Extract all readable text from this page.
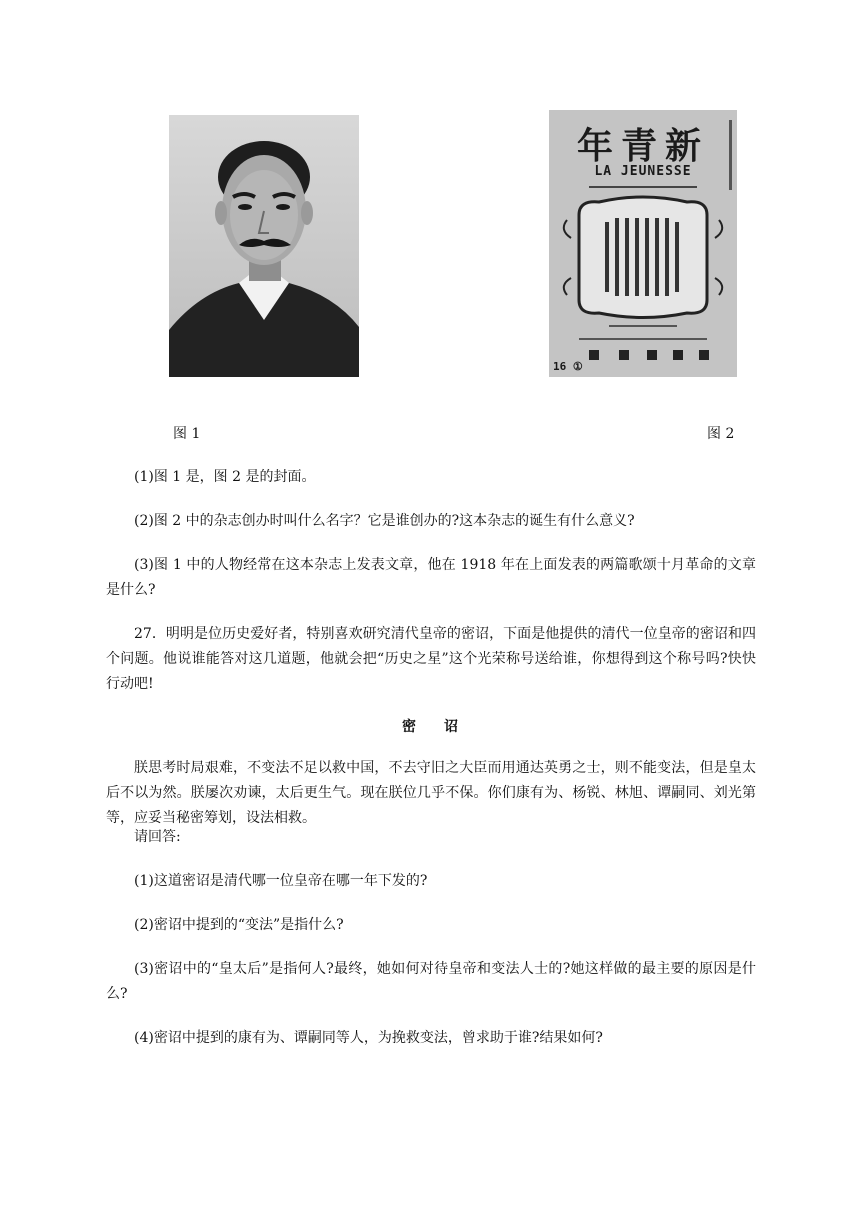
年青新
LA JEUNESSE
16 ①
图 1	图 2
(1)图 1 是，图 2 是的封面。
(2)图 2 中的杂志创办时叫什么名字？它是谁创办的?这本杂志的诞生有什么意义?
(3)图 1 中的人物经常在这本杂志上发表文章，他在 1918 年在上面发表的两篇歌颂十月革命的文章是什么?
27．明明是位历史爱好者，特别喜欢研究清代皇帝的密诏，下面是他提供的清代一位皇帝的密诏和四个问题。他说谁能答对这几道题，他就会把“历史之星”这个光荣称号送给谁，你想得到这个称号吗?快快行动吧!
密诏
朕思考时局艰难，不变法不足以救中国，不去守旧之大臣而用通达英勇之士，则不能变法，但是皇太后不以为然。朕屡次劝谏，太后更生气。现在朕位几乎不保。你们康有为、杨锐、林旭、谭嗣同、刘光第等，应妥当秘密筹划，设法相救。
请回答:
(1)这道密诏是清代哪一位皇帝在哪一年下发的?
(2)密诏中提到的“变法”是指什么?
(3)密诏中的“皇太后”是指何人?最终，她如何对待皇帝和变法人士的?她这样做的最主要的原因是什么?
(4)密诏中提到的康有为、谭嗣同等人，为挽救变法，曾求助于谁?结果如何?
